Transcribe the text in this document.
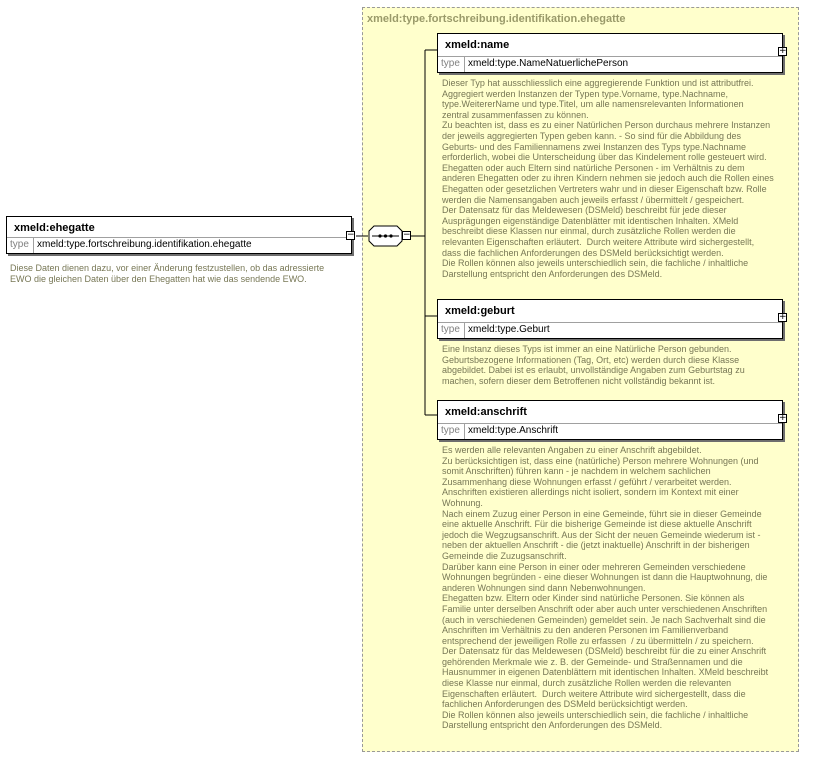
xmeld:type.fortschreibung.identifikation.ehegatte
xmeld:ehegatte
type xmeld:type.fortschreibung.identifikation.ehegatte
−
Diese Daten dienen dazu, vor einer Änderung festzustellen, ob das adressierte
EWO die gleichen Daten über den Ehegatten hat wie das sendende EWO.
−
xmeld:name
type xmeld:type.NameNatuerlichePerson
+
Dieser Typ hat ausschliesslich eine aggregierende Funktion und ist attributfrei.
Aggregiert werden Instanzen der Typen type.Vorname, type.Nachname,
type.WeitererName und type.Titel, um alle namensrelevanten Informationen
zentral zusammenfassen zu können.
Zu beachten ist, dass es zu einer Natürlichen Person durchaus mehrere Instanzen
der jeweils aggregierten Typen geben kann. - So sind für die Abbildung des
Geburts- und des Familiennamens zwei Instanzen des Typs type.Nachname
erforderlich, wobei die Unterscheidung über das Kindelement rolle gesteuert wird.
Ehegatten oder auch Eltern sind natürliche Personen - im Verhältnis zu dem
anderen Ehegatten oder zu ihren Kindern nehmen sie jedoch auch die Rollen eines
Ehegatten oder gesetzlichen Vertreters wahr und in dieser Eigenschaft bzw. Rolle
werden die Namensangaben auch jeweils erfasst / übermittelt / gespeichert.
Der Datensatz für das Meldewesen (DSMeld) beschreibt für jede dieser
Ausprägungen eigenständige Datenblätter mit identischen Inhalten. XMeld
beschreibt diese Klassen nur einmal, durch zusätzliche Rollen werden die
relevanten Eigenschaften erläutert.  Durch weitere Attribute wird sichergestellt,
dass die fachlichen Anforderungen des DSMeld berücksichtigt werden.
Die Rollen können also jeweils unterschiedlich sein, die fachliche / inhaltliche
Darstellung entspricht den Anforderungen des DSMeld.
xmeld:geburt
type xmeld:type.Geburt
+
Eine Instanz dieses Typs ist immer an eine Natürliche Person gebunden.
Geburtsbezogene Informationen (Tag, Ort, etc) werden durch diese Klasse
abgebildet. Dabei ist es erlaubt, unvollständige Angaben zum Geburtstag zu
machen, sofern dieser dem Betroffenen nicht vollständig bekannt ist.
xmeld:anschrift
type xmeld:type.Anschrift
+
Es werden alle relevanten Angaben zu einer Anschrift abgebildet.
Zu berücksichtigen ist, dass eine (natürliche) Person mehrere Wohnungen (und
somit Anschriften) führen kann - je nachdem in welchem sachlichen
Zusammenhang diese Wohnungen erfasst / geführt / verarbeitet werden.
Anschriften existieren allerdings nicht isoliert, sondern im Kontext mit einer
Wohnung.
Nach einem Zuzug einer Person in eine Gemeinde, führt sie in dieser Gemeinde
eine aktuelle Anschrift. Für die bisherige Gemeinde ist diese aktuelle Anschrift
jedoch die Wegzugsanschrift. Aus der Sicht der neuen Gemeinde wiederum ist -
neben der aktuellen Anschrift - die (jetzt inaktuelle) Anschrift in der bisherigen
Gemeinde die Zuzugsanschrift.
Darüber kann eine Person in einer oder mehreren Gemeinden verschiedene
Wohnungen begründen - eine dieser Wohnungen ist dann die Hauptwohnung, die
anderen Wohnungen sind dann Nebenwohnungen.
Ehegatten bzw. Eltern oder Kinder sind natürliche Personen. Sie können als
Familie unter derselben Anschrift oder aber auch unter verschiedenen Anschriften
(auch in verschiedenen Gemeinden) gemeldet sein. Je nach Sachverhalt sind die
Anschriften im Verhältnis zu den anderen Personen im Familienverband
entsprechend der jeweiligen Rolle zu erfassen  / zu übermitteln / zu speichern.
Der Datensatz für das Meldewesen (DSMeld) beschreibt für die zu einer Anschrift
gehörenden Merkmale wie z. B. der Gemeinde- und Straßennamen und die
Hausnummer in eigenen Datenblättern mit identischen Inhalten. XMeld beschreibt
diese Klasse nur einmal, durch zusätzliche Rollen werden die relevanten
Eigenschaften erläutert.  Durch weitere Attribute wird sichergestellt, dass die
fachlichen Anforderungen des DSMeld berücksichtigt werden.
Die Rollen können also jeweils unterschiedlich sein, die fachliche / inhaltliche
Darstellung entspricht den Anforderungen des DSMeld.
